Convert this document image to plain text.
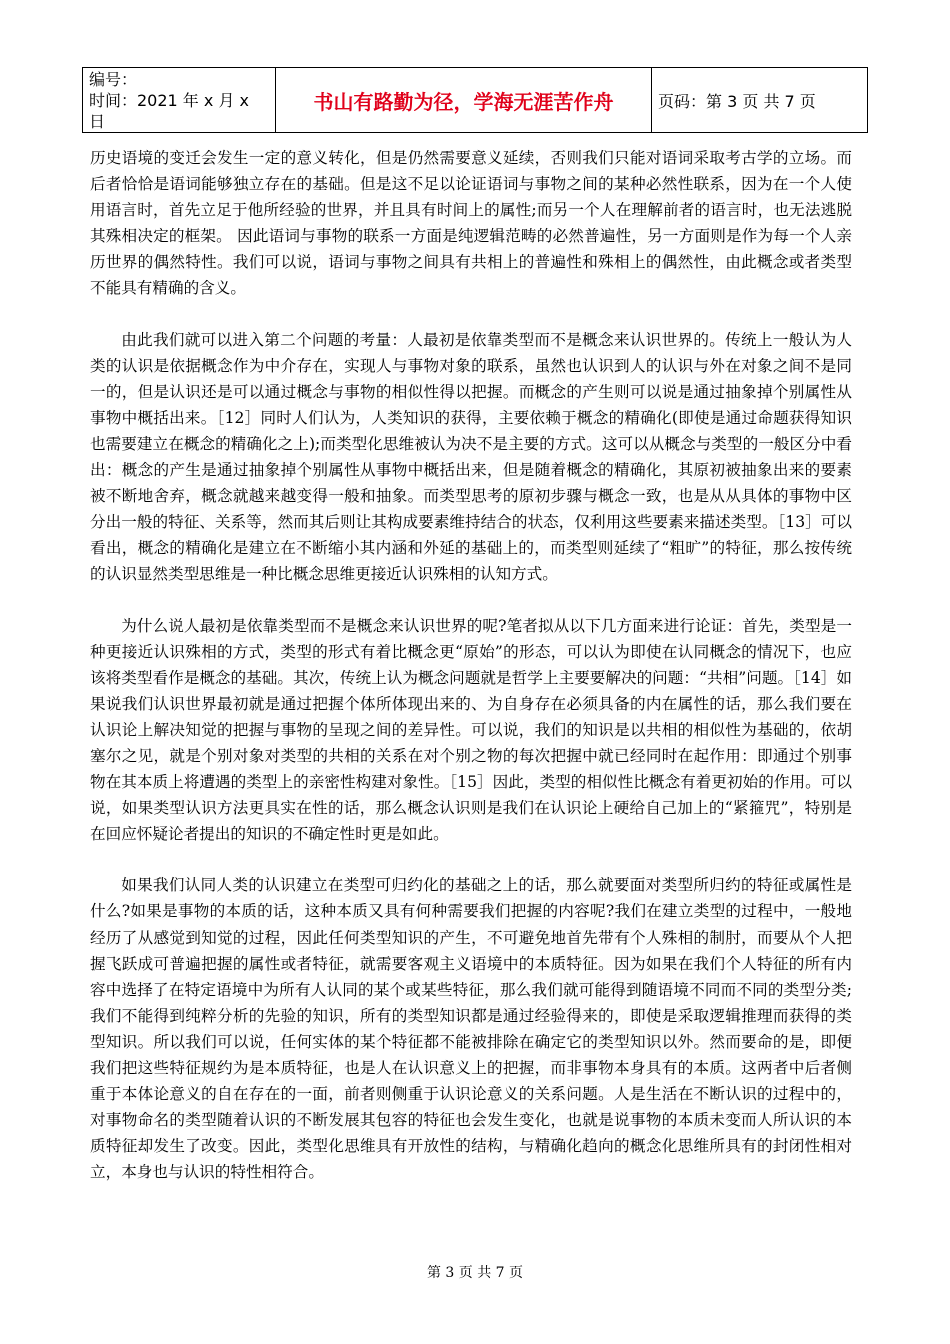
编号：
时间：2021 年 x 月 x 日
	书山有路勤为径，学海无涯苦作舟	页码：第 3 页 共 7 页

历史语境的变迁会发生一定的意义转化，但是仍然需要意义延续，否则我们只能对语词采取考古学的立场。而后者恰恰是语词能够独立存在的基础。但是这不足以论证语词与事物之间的某种必然性联系，因为在一个人使用语言时，首先立足于他所经验的世界，并且具有时间上的属性;而另一个人在理解前者的语言时，也无法逃脱其殊相决定的框架。 因此语词与事物的联系一方面是纯逻辑范畴的必然普遍性，另一方面则是作为每一个人亲历世界的偶然特性。我们可以说，语词与事物之间具有共相上的普遍性和殊相上的偶然性，由此概念或者类型不能具有精确的含义。

由此我们就可以进入第二个问题的考量：人最初是依靠类型而不是概念来认识世界的。传统上一般认为人类的认识是依据概念作为中介存在，实现人与事物对象的联系，虽然也认识到人的认识与外在对象之间不是同一的，但是认识还是可以通过概念与事物的相似性得以把握。而概念的产生则可以说是通过抽象掉个别属性从事物中概括出来。［12］同时人们认为，人类知识的获得，主要依赖于概念的精确化(即使是通过命题获得知识也需要建立在概念的精确化之上);而类型化思维被认为决不是主要的方式。这可以从概念与类型的一般区分中看出：概念的产生是通过抽象掉个别属性从事物中概括出来，但是随着概念的精确化，其原初被抽象出来的要素被不断地舍弃，概念就越来越变得一般和抽象。而类型思考的原初步骤与概念一致，也是从从具体的事物中区分出一般的特征、关系等，然而其后则让其构成要素维持结合的状态，仅利用这些要素来描述类型。［13］可以看出，概念的精确化是建立在不断缩小其内涵和外延的基础上的，而类型则延续了“粗旷”的特征，那么按传统的认识显然类型思维是一种比概念思维更接近认识殊相的认知方式。

为什么说人最初是依靠类型而不是概念来认识世界的呢?笔者拟从以下几方面来进行论证：首先，类型是一种更接近认识殊相的方式，类型的形式有着比概念更“原始”的形态，可以认为即使在认同概念的情况下，也应该将类型看作是概念的基础。其次，传统上认为概念问题就是哲学上主要要解决的问题：“共相”问题。［14］如果说我们认识世界最初就是通过把握个体所体现出来的、为自身存在必须具备的内在属性的话，那么我们要在认识论上解决知觉的把握与事物的呈现之间的差异性。可以说，我们的知识是以共相的相似性为基础的，依胡塞尔之见，就是个别对象对类型的共相的关系在对个别之物的每次把握中就已经同时在起作用：即通过个别事物在其本质上将遭遇的类型上的亲密性构建对象性。［15］因此，类型的相似性比概念有着更初始的作用。可以说，如果类型认识方法更具实在性的话，那么概念认识则是我们在认识论上硬给自己加上的“紧箍咒”，特别是在回应怀疑论者提出的知识的不确定性时更是如此。

如果我们认同人类的认识建立在类型可归约化的基础之上的话，那么就要面对类型所归约的特征或属性是什么?如果是事物的本质的话，这种本质又具有何种需要我们把握的内容呢?我们在建立类型的过程中，一般地经历了从感觉到知觉的过程，因此任何类型知识的产生，不可避免地首先带有个人殊相的制肘，而要从个人把握飞跃成可普遍把握的属性或者特征，就需要客观主义语境中的本质特征。因为如果在我们个人特征的所有内容中选择了在特定语境中为所有人认同的某个或某些特征，那么我们就可能得到随语境不同而不同的类型分类;我们不能得到纯粹分析的先验的知识，所有的类型知识都是通过经验得来的，即使是采取逻辑推理而获得的类型知识。所以我们可以说，任何实体的某个特征都不能被排除在确定它的类型知识以外。然而要命的是，即便我们把这些特征规约为是本质特征，也是人在认识意义上的把握，而非事物本身具有的本质。这两者中后者侧重于本体论意义的自在存在的一面，前者则侧重于认识论意义的关系问题。人是生活在不断认识的过程中的，对事物命名的类型随着认识的不断发展其包容的特征也会发生变化，也就是说事物的本质未变而人所认识的本质特征却发生了改变。因此，类型化思维具有开放性的结构，与精确化趋向的概念化思维所具有的封闭性相对立，本身也与认识的特性相符合。

第 3 页 共 7 页
